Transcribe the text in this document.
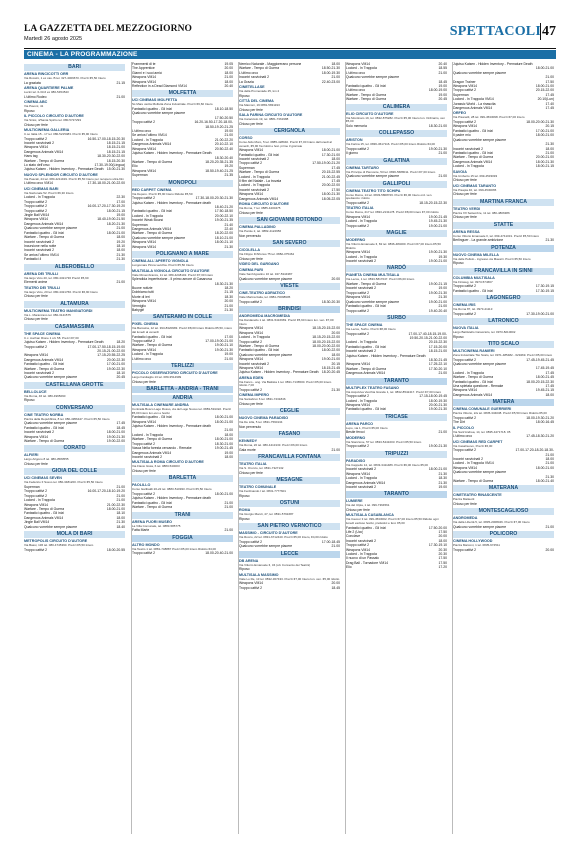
LA GAZZETTA DEL MEZZOGIORNO
Martedì 26 agosto 2025	SPETTACOLI 47
CINEMA - LA PROGRAMMAZIONE
BARI
ARENA RINCICOTTI ORR
Via Rossini, 1 ex cas. B tel. 327-4009670. Prezzi €5,50 Intero
La graziata	21.15
ARENA QUARTIERE PALME
Lucini tel. 0-33-6 ex 080-5454543
L'ultimo Rodeo	21.00
CINEMA ABC
Via Pavoni, 41
Riposo
IL PICCOLO CIRCUITO D'AUTORE
Via Sinisi, 4/Santa Spirito tel. 080-5727293
Chiuso per ferie
MULTICINEMA GALLERIA
C.so Italia 15 - 17 tel. 080-5215483. Prezzi €5,90 Intero
Troppo cattivi 2	16.50-17.00-18.15-20.30
Incontri ravvicinati 2	18.15-21.15
Weapons VM14	18.15-21.00
Dangerous Animals VM14	18.15-21.15
Hans tag	18.30-20.30-22.00
Warfare - Tempo di Guerra	18.15-20.30
Lo stato dell'orso	17.30-19.00(Lingua)
Jujutsu Kaisen - Hidden Inventory - Premature Death 15.00-21.30
NUOVO SPLENDOR CIRCUITO D'AUTORE
Via Pascali, 24 tel. 080-4211919. Prezzi €5,50 Intero per recupero ultra-film
L'ultimo orco VM14	17.30-18.00-21.00-22.00
UCI CINEMAS BARI
Via Nazionale 52. Prezzi €6,30 Intero
Locked - In Trappola	22.30
Troppo cattivi 2	17.00
Troppo cattivi 2	16.00-17.20-17.30-19.20
Troppo cattivi 2	18.00-21.15
Jingle Ball VM14	19.00
Weapons VM14	18.40-19.00-21.50
Dangerous Animals VM14	18.20-21.30
Qualcuno vorrebbe sempre piacere	21.00
Fantastici quattro - Gli inizi	18.00-21.00
Warfare - Tempo di Guerra	18.00
Incontri ravvicinati 2	19.20
Incursione nella notte	18.10
Incontri ravvicinati 2	18.00
Se arriva l'ultimo VM14	21.30
Fantastici 4	21.30
ALBEROBELLO
ARENA DEI TRULLI
Via largo Voto 20, tel. 080-4321736 Prezzi €5,90
Elementi anime	21.00
TEATRO DEI TRULLI
Via largo Voto, 20 tel. 080-4321766. Prezzi €6,90 Intero
Chiuso per ferie
ALTAMURA
MULTICINEMA TEATRO MANGIATORDI
Via L. Maranzano tel. 080-3141575
Chiuso per ferie
CASAMASSIMA
THE SPACE CINEMA
C.c. Auchan Rione 1 c/o 58. Prezzi €7,00
Jujutsu Kaisen - Hidden Inventory - Premature Death	18.20
Troppo cattivi 2	17.00-17.50-18.15-19.00
20.15-21.00-22.00
Weapons VM14	17.15-20.55-22.25
Dangerous Animals VM14	20.00-22.30
Fantastici quattro - Gli inizi	17.00-21.00
Warfare - Tempo di Guerra	19.00-22.30
Incontri ravvicinati 2	18.10
Qualcuno vorrebbe sempre piacere	20.45
CASTELLANA GROTTE
BELLOLUCE
Via Roma, 46 tel. 080-4965090
Riposo
CONVERSANO
CINE TEATRO NORBA
Piazza della Repubblica, 8 tel. 080-4956447. Prezzi €5,50 Intero
Qualcuno vorrebbe sempre piacere	17.45
Fantastici quattro - Gli inizi	18.45
Incontri ravvicinati 2	18.00-21.00
Weapons VM14	19.00-21.30
Warfare - Tempo di Guerra	19.00-22.00
CORATO
ALFIERI
Largo Arigono 8 tel. 080-3583555
Chiuso per ferie
GIOIA DEL COLLE
UCI CINEMAS SEVEN
Via Federico II Svevo tel. 080-3481200. Prezzi €5,50 Intero
Superman	21.00
Troppo cattivi 2	16.00-17.20-18.10-19.20
Troppo cattivi 2	21.00
Locked - In Trappola	21.00
Weapons VM14	21.00-22.30
Warfare - Tempo di Guerra	18.00-21.00
Fantastici quattro - Gli inizi	18.10
Dangerous Animals VM14	18.00
Jingle Ball VM14	21.30
Qualcuno vorrebbe sempre piacere	18.40
MOLA DI BARI
METROPOLIS CIRCUITO D'AUTORE
Via Bassi, 136 tel. 080-4745390. Prezzi €5,50 Intero
Troppo cattivi 2	18.00-20.55
Frammenti di te	19.05
The Apprentice	20.00
Gianni e i suoi amici	18.00
Weapons VM14	21.00
Weapons VM14	18.00
Reflection in a Dead Diamond VM14	20.40
MOLFETTA
UCI CINEMAS MOLFETTA
Ss Mare uscita Molfetta Zona Industriale. Prezzi €6,60 Intero
Fantastici quattro - Gli inizi	18.10-18.50
Qualcuno vorrebbe sempre piacere
17.50-20.50
Troppo cattivi 2	16.20-16.50-17.20-18.00-
18.50-19.20-21.25
L'ultimo orco	19.00
Se arriva l'ultimo VM14	21.00
Locked - In Trappola	21.00-22.20
Dangerous Animals VM14	20.10-22.10
Weapons VM14	20.50-22.40
Jujutsu Kaisen - Hidden Inventory - Premature Death
18.30-20.40
Warfare - Tempo di Guerra	18.20-20.35-21.35
Elio	19.20
Weapons VM14	18.50-19.40-21.25
Superman	21.35
MONOPOLI
RED CARPET CINEMA
Via Depero. Prezzi €5,90 Intero Ridotto €5,50
Troppo cattivi 2	17.30-18.00-20.30-21.30
Jujutsu Kaisen - Hidden Inventory - Premature death
18.40-21.20
Fantastici quattro - Gli inizi	17.50-18.50
Locked - In Trappola	20.00-22.10
Incontri Weak Bound	19.00-21.35
Superman	21.40
Dangerous Animals VM14	22.40
Warfare - Tempo di Guerra	18.20-22.00
Qualcuno vorrebbe sempre piacere	18.10-21.00
Weapons VM14	18.00-21.10
Weapons VM14	21.30
POLIGNANO A MARE
CINEMA ALL'APERTO VIGNOLA
Lungomare Pinna vecchia. Prezzi €5,50 Intero
MULTISALA VIGNOLA CIRCUITO D'AUTORE
Viale Rimembranze, 11 tel. 080-4248102. Prezzi €7,00 Intero
Splendida imperfezione - Il primo amore di Casanova
18.30-21.30
Buone notizie	18.20
Dobbiamo tutti	21.15
Morte di ieri	18.30
Weapons VM14	20.00
Vermiglio	21.00
Babygirl	21.30
SANTERAMO IN COLLE
PIXEL CINEMA
Via Barosina, 12 tel. 393-8320983. Prezzi €8,00 Intero Ridotto €5,50, intero dal lunedì al venerdì
Fantastici quattro - Gli inizi	17.00
Troppo cattivi 2	17.00-19.00-21.00
Warfare - Tempo di Guerra	19.00-21.10
Weapons VM14	19.00-21.30
Locked - In Trappola	19.00
L'ultimo orco	21.00
TERLIZZI
PICCOLO OSSERVATORIO CIRCUITO D'AUTORE
Largo Fardiaglio 13 tel. 080-3514999
Chiuso per ferie
BARLETTA - ANDRIA - TRANI
ANDRIA
MULTISALA CINEMARE ANDRIA
Contrada Bosco Lago Rosso, via del Lago Nuovo tel. 0883-591322. Prezzi €5,00 Intero lun-ven e festivi
Fantastici quattro - Gli inizi	18.00-21.00
Weapons VM14	18.00-21.00
Jujutsu Kaisen - Hidden Inventory - Premature death
21.00
Locked - In Trappola	18.00
Warfare - Tempo di Guerra	18.00-21.00
Troppo cattivi 2	18.30-21.00
Vasca Nella foresta cercando - Remake	19.00-21.45
Dangerous Animals VM14	19.00
Incontri ravvicinati 2	18.00
MULTISALA ROMA CIRCUITO D'AUTORE
Via Flavio Gioia, 6 tel. 0883-540003
Chiuso per ferie
BARLETTA
PAOLILLO
Corso Garibaldi 20-22 tel. 0883-510933. Prezzi €5,50 Intero
Troppo cattivi 2	18.00-21.00
Jujutsu Kaisen - Hidden Inventory - Premature death
Fantastici quattro - Gli inizi	21.00
Warfare - Tempo di Guerra	21.00
TRANI
ARENA FUORI MUSEO
La Villa Comunale, tel. 0883-585775
Fatta Marte	21.00
FOGGIA
ALTRO MONDO
Via Teatro 1 tel. 0881-748887 Prezzi €5,00 Intero Ridotto €4,00
Troppo cattivi 2	18.00-20.40-21.00
Nemico Naturale - Maggiorerano persone	18.00
Warfare - Tempo di Guerra	18.50-21.30
L'ultimo orco	18.00-19.30
Incontri ravvicinati 2	21.00
La Grazia	22.40-23.00
CINETELLASE
Via della Promenade 25, km 2
Riposo
CITTÀ DEL CINEMA
Via Marconi, 19 0881-5831193
Chiuso per ferie
SALA FARINA CIRCUITO D'AUTORE
Via Caracciolo 19, tel. 0881-7361988
Chiuso per ferie
CERIGNOLA
CORSO
Corso Aldo Moro, 5 tel. 0885-428940. Prezzi €7,00 Intero dal lunedì al venerdì, €5,90 fra ridotti e fest. prime 3 giornate
Weapons VM14	18.00-21.00
Fantastici quattro - Gli inizi	17.30-21.00
Incontri ravvicinati 2	18.00
Troppo cattivi 2	17.50-19.00-21.20
Superman	17.45
Warfare - Tempo di Guerra	20.15-22.55
Locked - In Trappola	21.00-22.45
Il film del Natale - La trovata	17.45
Locked - In Trappola	20.00-22.00
Incontri ravvicinati 2	17.50
Weapons VM14	18.00-21.30
Dangerous Animals VM14	18.05-22.05
ROMA CIRCUITO D'AUTORE
Via Roma, 7 tel. 0885-4200475
Chiuso per ferie
SAN GIOVANNI ROTONDO
CINEMA PALLADINO
Via Parole 2, tel. 0882-4122956
Non pervenuto
SAN SEVERO
CICOLELLA
Via Filippo D'Alfonso 75 tel. 0882-375464
Chiuso per ferie
VIDEO DEL GARGANO
CINEMA PARI
Viale Sant'Agostino 16 tel. 347-5344387
Qualcuno vorrebbe sempre piacere	20.00
VIESTE
CINE-TEATRO ADRIATICO
Viale Marina Italia, tel. 0884-70098905
Troppo cattivi 2	18.30-20.30
BRINDISI
ANDROMEDA MACROMEDIA
Via Dardanello 1 tel. 0831-5416969. Prezzi €5,90 Intero lun. ven. €7,00 Intero
Weapons VM14	18.15-20.15-22.00
Weapons VM14	20.00
Locked - In Trappola	18.15-20.15-22.00
Troppo cattivi 2	18.00-20.15-22.00
Warfare - Tempo di Guerra	18.00-20.00-22.00
Fantastici quattro - Gli inizi	18.00-22.00
Qualcuno vorrebbe sempre piacere	18.00
Weapons VM14	19.00-21.00
Incontri ravvicinati 2	20.15
Weapons VM14	18.15-21.45
Jujutsu Kaisen - Hidden Inventory - Premature Death 18.20-20.45
ARENA EDEN
Via Fanco - ang. Via Battista 1 tel. 0831-7136500. Prezzi €5,00 Intero ridotto 7,00
Troppo cattivi 2	21.30
CINEMA IMPERO
Via Santabrun 6 tel. 0831-7231846
Chiuso per ferie
CEGLIE
NUOVO CINEMA PARADISO
Via De Lilla, 5 tel. 0831-7590134
Non pervenuto
FASANO
KENNEDY
Via Roma, 20 tel. 080-4413133. Prezzi €6,00 Intero
Gala morte	21.00
FRANCAVILLA FONTANA
TEATRO ITALIA
Via S. Oronzo, tel. 0831-7327132
Chiuso per ferie
MESAGNE
TEATRO COMUNALE
Via Ferdinando I tel. 0831-7777601
Riposo
OSTUNI
ROMA
Via Giorgio Manzi, 47, tel. 0831-5791687
Riposo
SAN PIETRO VERNOTICO
MASSIMO - CIRCUITO D'AUTORE
Via Rocco, 22 tel. 0831-6712440. Prezzi €5,00 Intero, €4,00 ridotto
Troppo cattivi 2	17.00-18.45
Qualcuno vorrebbe sempre piacere	21.00
LECCE
DB ARENA
Via Vittorio Emanuele II, 34 (c/o Convento dei Teatini)
Riposo
MULTISALA MASSIMO
Viale Lo Re, 13 tel. 0832-307433. Prezzi €7,00 Intero lun. ven. €5,00 ridotto
Weapons VM14	20.00
Troppo cattivi 2	18.45
Weapons VM14	20.40
Locked - In Trappola	18.55
L'ultimo orco	21.00
Qualcuno vorrebbe sempre piacere
18.45
Fantastici quattro - Gli inizi	19.00
L'ultimo orco	18.00-19.00
Warfare - Tempo di Guerra	19.00
Warfare - Tempo di Guerra	20.45
CALIMERA
ELIO CIRCUITO D'AUTORE
Via Montinaro 19, tel. 0832-875282. Prezzi €5,00 Intero lun. Ordinario, ven €5,00
Solo memoria	18.30-21.00
COLLEPASSO
ARISTON
Via Farina 15, tel. 0836-3617116. Prezzi €5,00 Intero Ridotto €4,00
Troppo cattivi 2	19.00-21.30
Il giorno	21.00
GALATINA
CINEMA TARTARO
Via Principe di Piemonte, 53 tel. 0836-5688011. Prezzi €7,00 Intero
Qualcuno vorrebbe sempre piacere	21.00
GALLIPOLI
CINEMA TEATRO TITO SCHIPA
Corso Roma, 14 tel. 0833-5808726. Prezzi €6,00 Intero ord. ven. spettacolo: ridotto
Troppo cattivi 2	18.15-20.15-22.30
TEATRO ITALIA
Corso Roma, 217 tel. 0833-2131178. Prezzi €8,00 Intero €7,00 ridotto
Weapons VM14	19.00-21.45
Locked - In Trappola	19.45-21.30
Troppo cattivi 2	19.00-21.00
MAGLIE
MODERNO
Via Vittorio Emanuele II, 82 tel. 0836-484000. Prezzi €7,00 Intero €5,50 Ridotto
Weapons VM14	19.00-21.30
Locked - In Trappola	19.30
Incontri ravvicinati 2	19.00-21.00
NARDÒ
PIANETA CINEMA MULTISALA
Via Lecce, 1 tel. 0833-5817047. Prezzi €6,00 Intero
Warfare - Tempo di Guerra	19.00-21.15
Incontri ravvicinati 2	19.00
Troppo cattivi 2	19.00-21.30
Weapons VM14	21.30
Qualcuno vorrebbe sempre piacere	19.00-21.00
Fantastici quattro - Gli inizi	21.00
Troppo cattivi 2	19.40-20.40
SURBO
THE SPACE CINEMA
Via Lecce, Surbo. Prezzi €8,00 Intero
Troppo cattivi 2	17.00-17.40-18.15-19.00-
19.50-20.15-21.00-22.00
Locked - In Trappola	20.15-22.30
Fantastici quattro - Gli inizi	17.15-20.00
Incontri ravvicinati 2	18.15-21.00
Jujutsu Kaisen - Hidden Inventory - Premature Death
18.30-21.45
Weapons VM14	17.25-22.10
Warfare - Tempo di Guerra	17.30-20.10
Dangerous Animals VM14	21.00
TARANTO
MULTIPLEX TEATRO FASANO
Via Acquiviva Vecchia Grande 1, tel. 0832-8542417. Prezzi €7,00 Intero
Troppo cattivi 2	17.15-18.00-19.45
Locked - In Trappola	18.00-19.30
Weapons VM14	20.00-21.30
Fantastici quattro - Gli inizi	19.00-21.30
TRICASE
ARENA PARCO
Lupo, via 1, Prezzi €5,00 Intero
Bestie feroci	21.00
MODERNO
Via Stanzione, 57 tel. 0833-5441003. Prezzi €5,50 Intero
Troppo cattivi 2	19.00-21.30
TRIPUZZI
PARADISO
Via Cappello 12, tel. 0833-3411486. Prezzi €6,00 Intero €5,00
Incontri ravvicinati 2	18.00-21.00
Weapons VM14	21.30
Locked - In Trappola	18.30
Dangerous Animals VM14	21.30
Incontri ravvicinati 2	19.00
TARANTO
LUMIERE
Via del Ulpia, 1 tel. 099-7364561
Chiuso per ferie
MULTISALA CASABLANCA
Via Cavour 3 tel. 099-4533002. Prezzi €7,00 Intero €5,50 Ridotto ogni lunedì escluso festivi, prefestivi e fest. €5,00
Fantastici quattro - Gli inizi	17.50-20.00
Life 2 (Ucc)	17.50
Conclave	20.00
Incontri ravvicinati 2	18.00
Troppo cattivi 2	17.30-19.10
Weapons VM14	20.30
Locked - In Trappola	20.30
Il nuovo di un Passato	17.50
Drag Ball - Tornadore VM14	17.50
Elio	17.20
Jujutsu Kaisen - Hidden Inventory - Premature Death
18.00-21.00
Qualcuno vorrebbe sempre piacere
21.00
Dragon Trainer	17.50
Weapons VM14	18.00-21.00
Troppo cattivi 2	20.15-22.00
Superman	17.45
Locked - In Trappola VM14	20.10(Lun)
Jurassic World - La rinascita	17.40
Dangerous Animals VM14	17.45
ORFEO
Via Pisanelli, 28 tel. 099-4533098. Prezzi €7,00 Intero
Troppo cattivi 2	18.00-20.00-21.30
Weapons VM14	20.15
Fantastici quattro - Gli inizi	17.00-21.00
Il padre mio	18.00-21.00
Qualcuno vorrebbe sempre piacere
21.30
Incontri ravvicinati 2	18.00
Fantastici quattro - Gli inizi	21.00
Warfare - Tempo di Guerra	20.00-21.00
Dangerous Animals VM14	18.00-21.30
Locked - In Trappola	18.00-21.15
SAVOIA
Via Umberto 15 tel. 099-4533093
Chiuso per ferie
UCI CINEMAS TARANTO
Via Pisapia 40, tel. 099-4530065
Chiuso per ferie
MARTINA FRANCA
TEATRO VERDI
Piazza XX Settembre, 11 tel. 080-4806386
Chiuso per ferie
STATTE
ARENA RESSA
Corso Vittorio Emanuele II, tel. 099-4741031. Prezzi €5,50 Intero
Berlinguer - La grande ambizione	21.30
POTENZA
NUOVO CINEMA MILELLA
Via delle Pellolo - ingresso via Maestri. Prezzi €5,50 Intero
Riposo
FRANCAVILLA IN SINNI
COLUMBIA MULTISALA
Via Finiweg, tel. 0973-574667
Troppo cattivi 2	17.30-19.15
Fantastici quattro - Gli inizi	17.30-19.15
LAGONEGRO
CINEMA IRIS
Via Roma 87, tel. 0973-21113
Troppo cattivi 2	17.30-19.00-21.00
LATRONICO
NUOVA ITALIA
Largo Battistello Caracciolo, tel. 0973-8210002
Riposo
TITO SCALO
MULTICINEMA RANIERI
Zona Industriale Tito Scalo, tel. 0971-485482 - 629469. Prezzi €5,00 Intero
Troppo cattivi 2	17.45-19.45-21.45
Qualcuno vorrebbe sempre piacere
17.45-19.45
Locked - In Trappola	17.45
Warfare - Tempo di Guerra	18.00-21.45
Fantastici quattro - Gli inizi	18.00-20.15-22.30
Una spietata questione - Remake	17.45
Weapons VM14	19.45-21.15
Dangerous Animals VM14	18.00
MATERA
CINEMA COMUNALE GUERRIERI
Piazza Vittorio, 2/a tel. 0835-334038. Prezzi €5,50 Intero Ridotto €5,00
Troppo cattivi 2	18.00-19.30-21.20
The Dirt	18.00-16.45
IL PICCOLO
Via Sant'Andrea, 14, tel. 0835-4471718. 05
L'ultimo orco	17.45-18.30-21.20
UCI CINEMAS RED CARPET
Via Casalnuovo, Prezzi €6,00
Troppo cattivi 2	17.00-17.20-18.20-18.30-
21.00
Incontri ravvicinati 2	18.00
Locked - In Trappola VM14	21.00
Weapons VM14	18.00-21.00
Qualcuno vorrebbe sempre piacere
21.30
Warfare - Tempo di Guerra	18.00-21.40
MATERANA
CINETEATRO RINASCENTE
Piazza Matteotti
Chiuso per ferie
MONTESCAGLIOSO
ANDROMEDA
Via della Libertà 5, tel. 0835-2008046. Prezzi €7,00 Intero
Qualcuno vorrebbe sempre piacere	21.00
POLICORO
CINEMA HOLLYWOOD
Piazza Marconi, 1 tel. 0835-974511
Troppo cattivi 2	20.00
